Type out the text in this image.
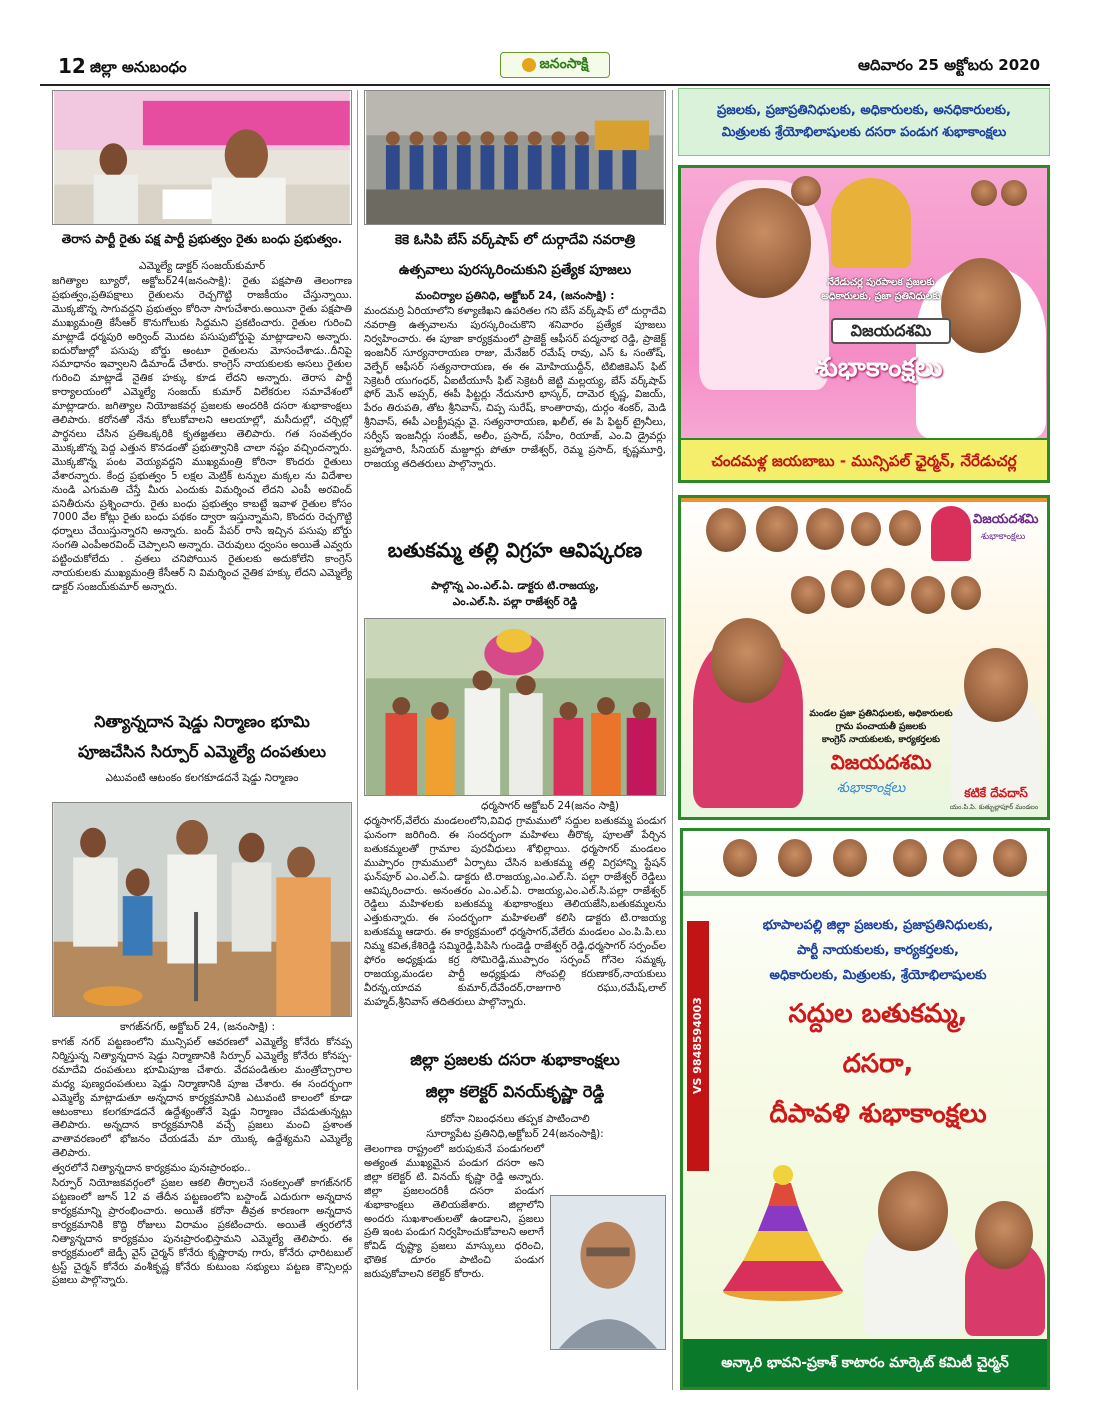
12 జిల్లా అనుబంధం	జనంసాక్షి	ఆదివారం 25 అక్టోబరు 2020
తెరాస పార్టీ రైతు పక్ష పార్టీ ప్రభుత్వం రైతు బంధు ప్రభుత్వం.
ఎమ్మెల్యే డాక్టర్ సంజయ్‌కుమార్

జగిత్యాల బ్యూరో, అక్టోబర్24(జనంసాక్షి): రైతు పక్షపాతి తెలంగాణ ప్రభుత్వం,ప్రతిపక్షాలు రైతులను రెచ్చగొట్టి రాజకీయం చేస్తున్నాయి. మొక్కజొన్న సాగువద్దని ప్రభుత్వం కోరినా సాగుచేశారు.అయినా రైతు పక్షపాతి ముఖ్యమంత్రి కేసీఆర్ కొనుగోలుకు సిద్దమని ప్రకటించారు. రైతుల గురించి మాట్లాడే ధర్మపురి అర్వింద్ మొదట పసుపుబోర్డుపై మాట్లాడాలని అన్నారు. ఐదురోజుల్లో పసుపు బోర్డు అంటూ రైతులను మోసంచేశాడు..దీనిపై సమాధానం ఇవ్వాలని డిమాండ్ చేశారు. కాంగ్రెస్ నాయకులకు అసలు రైతుల గురించి మాట్లాడే నైతిక హక్కు కూడ లేదని అన్నారు. తెరాస పార్టీ కార్యాలయంలో ఎమ్మెల్యే సంజయ్ కుమార్ విలేకరుల సమావేశంలో మాట్లాడారు. జగిత్యాల నియోజకవర్గ ప్రజలకు అందరికి దసరా శుభాకాంక్షలు తెలిపారు. కరోనతో నేను కోలుకోవాలని ఆలయాల్లో, మసీదుల్లో, చర్చిల్లో పార్థనలు చేసిన ప్రతిఒక్కరికి కృతజ్ఞతలు తెలిపారు. గత సంవత్సరం మొక్కజొన్న పెద్ద ఎత్తున కొనడంతో ప్రభుత్వానికి చాలా నష్టం వచ్చిందన్నారు. మొక్కజొన్న పంట వెయ్యవద్దని ముఖ్యమంత్రి కోరినా కొందరు రైతులు వేశారన్నారు. కేంద్ర ప్రభుత్వం 5 లక్షల మెట్రిక్ టన్నుల మక్కల ను విదేశాల నుండి ఎగుమతి చేస్తే మీరు ఎందుకు విమర్శించ లేదని ఎంపీ అరవింద్ పనితీరును ప్రశ్నించారు. రైతు బంధు ప్రభుత్వం కాబట్టే ఇవాళ రైతుల కోసం 7000 వేల కోట్లు రైతు బంధు పథకం ద్వారా ఇస్తున్నామని, కొందరు రెచ్చగొట్టి ధర్నాలు చేయిస్తున్నారని అన్నారు. బంద్ పేపర్ రాసి ఇచ్చిన పసుపు బోర్డు సంగతి ఎంపీఅరవింద్ చెప్పాలని అన్నారు. చెరువులు ధ్వంసం అయితే ఎవ్వరు పట్టించుకోలేదు . వ్రతలు చనిపోయిన రైతులకు అదుకోలేని కాంగ్రెస్ నాయకులకు ముఖ్యమంత్రి కేసీఆర్ ని విమర్శించ నైతిక హక్కు లేదని ఎమ్మెల్యే డాక్టర్ సంజయ్‌కుమార్ అన్నారు.

నిత్యాన్నదాన షెడ్డు నిర్మాణం భూమి
పూజచేసిన సిర్పూర్ ఎమ్మెల్యే దంపతులు
ఎటువంటి ఆటంకం కలగకూడదనే షెడ్డు నిర్మాణం
కాగజ్‌నగర్, అక్టోబర్ 24, (జనంసాక్షి) :

కాగజ్ నగర్ పట్టణంలోని మున్సిపల్ ఆవరణలో ఎమ్మెల్యే కోనేరు కోనప్ప నిర్మిస్తున్న నిత్యాన్నదాన షెడ్డు నిర్మాణానికి సిర్పూర్ ఎమ్మెల్యే కోనేరు కోనప్ప-రమాదేవి దంపతులు భూమిపూజ చేశారు. వేదపండితుల మంత్రోచ్చారాల మధ్య పుణ్యదంపతులు షెడ్డు నిర్మాణానికి పూజ చేశారు. ఈ సందర్భంగా ఎమ్మెల్యే మాట్లాడుతూ అన్నదాన కార్యక్రమానికి ఎటువంటి కాలంలో కూడా ఆటంకాలు కలగకూడదనే ఉద్దేశ్యంతోనే షెడ్డు నిర్మాణం చేపడుతున్నట్లు తెలిపారు. అన్నదాన కార్యక్రమానికి వచ్చే ప్రజలు మంచి ప్రశాంత వాతావరణంలో భోజనం చేయడమే మా యొక్క ఉద్దేశ్యమని ఎమ్మెల్యే తెలిపారు.

త్వరలోనే నిత్యాన్నదాన కార్యక్రమం పునఃప్రారంభం..

సిర్పూర్ నియోజకవర్గంలో ప్రజల ఆకలి తీర్చాలనే సంకల్పంతో కాగజ్‌నగర్ పట్టణంలో జూన్ 12 వ తేదీన పట్టణంలోని బస్టాండ్ ఎదురుగా అన్నదాన కార్యక్రమాన్ని ప్రారంభించారు. అయితే కరోనా తీవ్రత కారణంగా అన్నదాన కార్యక్రమానికి కొద్ది రోజులు విరామం ప్రకటించారు. అయితే త్వరలోనే నిత్యాన్నదాన కార్యక్రమం పునఃప్రారంభిస్తామని ఎమ్మెల్యే తెలిపారు. ఈ కార్యక్రమంలో జెడ్పీ వైస్ చైర్మన్ కోనేరు కృష్ణారావు గారు, కోనేరు ఛారిటబుల్ ట్రస్ట్ చైర్మన్ కోనేరు వంశీకృష్ణ కోనేరు కుటుంబ సభ్యులు పట్టణ కౌన్సిలర్లు ప్రజలు పాల్గొన్నారు.

కెకె ఓసిపి బేస్ వర్క్‌షాప్ లో దుర్గాదేవి నవరాత్రి
ఉత్సవాలు పురస్కరించుకుని ప్రత్యేక పూజలు
మంచిర్యాల ప్రతినిధి, అక్టోబర్ 24, (జనంసాక్షి) :

మందమర్రి ఏరియాలోని కళ్యాణిఖని ఉపరితల గని బేస్ వర్క్‌షాప్ లో దుర్గాదేవి నవరాత్రి ఉత్సవాలను పురస్కరించుకొని శనివారం ప్రత్యేక పూజలు నిర్వహించారు. ఈ పూజా కార్యక్రమంలో ప్రాజెక్ట్ ఆఫీసర్ పద్మనాభ రెడ్డి, ప్రాజెక్ట్ ఇంజనీర్ సూర్యనారాయణ రాజు, మేనేజర్ రమేష్ రావు, ఎస్ ఓ సంతోష్, వెల్ఫేర్ ఆఫీసర్ సత్యనారాయణ, ఈ ఈ మోహియుద్దీన్, టిబిజికెఎస్ ఫిట్ సెక్రెటరీ యుగంధర్, ఏఐటీయూసీ ఫిట్ సెక్రెటరీ జెట్టి మల్లయ్య, బేస్ వర్క్‌షాప్ ఫోర్ మెన్ అప్సర్, ఈపీ ఫిట్టర్లు నేదునూరి భాస్కర్, దామెర కృష్ణ, విజయ్, పేరం తిరుపతి, తోట శ్రీనివాస్, చిప్ప సురేష్, కాంతారావు, దుర్గం శంకర్, మెడి శ్రీనివాస్, ఈపీ ఎలక్ట్రీషన్లు వై. సత్యనారాయణ, ఖలీల్, ఈ పి ఫిట్టర్ ట్రైనీలు, సర్వీస్ ఇంజనీర్లు సంజీవ్, అలీం, ప్రసాద్, సహీం, రియాజ్, ఎం.వి డ్రైవర్లు బ్రహ్మాచారి, సీనియర్ మజ్దూర్లు పోతూ రాజేశ్వర్, రెమ్మ ప్రసాద్, కృష్ణమూర్తి, రాజయ్య తదితరులు పాల్గొన్నారు.

బతుకమ్మ తల్లి విగ్రహ ఆవిష్కరణ
పాల్గొన్న ఎం.ఎల్.ఏ. డాక్టరు టి.రాజయ్య,
ఎం.ఎల్.సి. పల్లా రాజేశ్వర్ రెడ్డి
ధర్మసాగర్ అక్టోబర్ 24(జనం సాక్షి)

ధర్మసాగర్,వేలేరు మండలంలోని,వివిధ గ్రామములో సద్దుల బతుకమ్మ పండుగ ఘనంగా జరిగింది. ఈ సందర్భంగా మహిళలు తీరొక్క పూలతో పేర్చిన బతుకమ్మలతో గ్రామాల పురవీధులు శోభిల్లాయి. ధర్మసాగర్ మండలం ముప్పారం గ్రామములో ఏర్పాటు చేసిన బతుకమ్మ తల్లి విగ్రహాన్ని స్టేషన్ ఘన్‌పూర్ ఎం.ఎల్.ఏ. డాక్టరు టి.రాజయ్య,ఎం.ఎల్.సి. పల్లా రాజేశ్వర్ రెడ్డిలు ఆవిష్కరించారు. అనంతరం ఎం.ఎల్.ఏ. రాజయ్య,ఎం.ఎల్.సి.పల్లా రాజేశ్వర్ రెడ్డిలు మహిళలకు బతుకమ్మ శుభాకాంక్షలు తెలియజేసి,బతుకమ్మలను ఎత్తుకున్నారు. ఈ సందర్భంగా మహిళలతో కలిసి డాక్టరు టి.రాజయ్య బతుకమ్మ ఆడారు. ఈ కార్యక్రమంలో ధర్మసాగర్,వేలేరు మండలం ఎం.పి.పి.లు నిమ్మ కవిత,కేశిరెడ్డి సమ్మిరెడ్డి,పిపిసి గుండెడ్డి రాజేశ్వర్ రెడ్డి,ధర్మసాగర్ సర్పంచ్‌ల ఫోరం అధ్యక్షుడు కర్ర సోమిరెడ్డి,ముప్పారం సర్పంచ్ గోనెల సమ్మక్క రాజయ్య,మండల పార్టీ అధ్యక్షుడు సోంపల్లి కరుణాకర్,నాయకులు వీరన్న,యాదవ కుమార్,దేవేందర్,రాజుగారి రఘు,రమేష్,లాల్ మహ్మద్,శ్రీనివాస్ తదితరులు పాల్గొన్నారు.

జిల్లా ప్రజలకు దసరా శుభాకాంక్షలు
జిల్లా కలెక్టర్ వినయ్‌కృష్ణా రెడ్డి
కరోనా నిబంధనలు తప్పక పాటించాలి
సూర్యాపేట ప్రతినిధి,అక్టోబర్ 24(జనంసాక్షి):

తెలంగాణ రాష్ట్రంలో జరుపుకునే పండుగలలో అత్యంత ముఖ్యమైన పండుగ దసరా అని జిల్లా కలెక్టర్ టి. వినయ్ కృష్ణా రెడ్డి అన్నారు. జిల్లా ప్రజలందరికీ దసరా పండుగ శుభాకాంక్షలు తెలియజేశారు. జిల్లాలోని అందరు సుఖశాంతులతో ఉండాలని, ప్రజలు ప్రతి ఇంట పండుగ నిర్వహించుకోవాలని అలాగే కోవిడ్ దృష్ట్యా ప్రజలు మాస్కులు ధరించి, భౌతిక దూరం పాటించి పండుగ జరుపుకోవాలని కలెక్టర్ కోరారు.

ప్రజలకు, ప్రజాప్రతినిధులకు, అధికారులకు, అనధికారులకు,
మిత్రులకు శ్రేయోభిలాషులకు దసరా పండుగ శుభాకాంక్షలు
నేరేడుచర్ల పురపాలక ప్రజలకు
అధికారులకు, ప్రజా ప్రతినిధులకు
విజయదశమి
శుభాకాంక్షలు
చందమళ్ల జయబాబు - మున్సిపల్ ఛైర్మన్, నేరేడుచర్ల
విజయదశమి
శుభాకాంక్షలు
మండల ప్రజా ప్రతినిధులకు, అధికారులకు
గ్రామ పంచాయతీ ప్రజలకు
కాంగ్రెస్ నాయకులకు, కార్యకర్తలకు
విజయదశమి
శుభాకాంక్షలు	కటికే దేవదాస్
యం.పి.పి. కుత్బుల్లాపూర్ మండలం
VS 9848594003
భూపాలపల్లి జిల్లా ప్రజలకు, ప్రజాప్రతినిధులకు,
పార్టీ నాయకులకు, కార్యకర్తలకు,
అధికారులకు, మిత్రులకు, శ్రేయోభిలాషులకు
సద్దుల బతుకమ్మ,
దసరా,
దీపావళి శుభాకాంక్షలు
అన్కారి భావని-ప్రకాశ్ కాటారం మార్కెట్ కమిటీ చైర్మన్
